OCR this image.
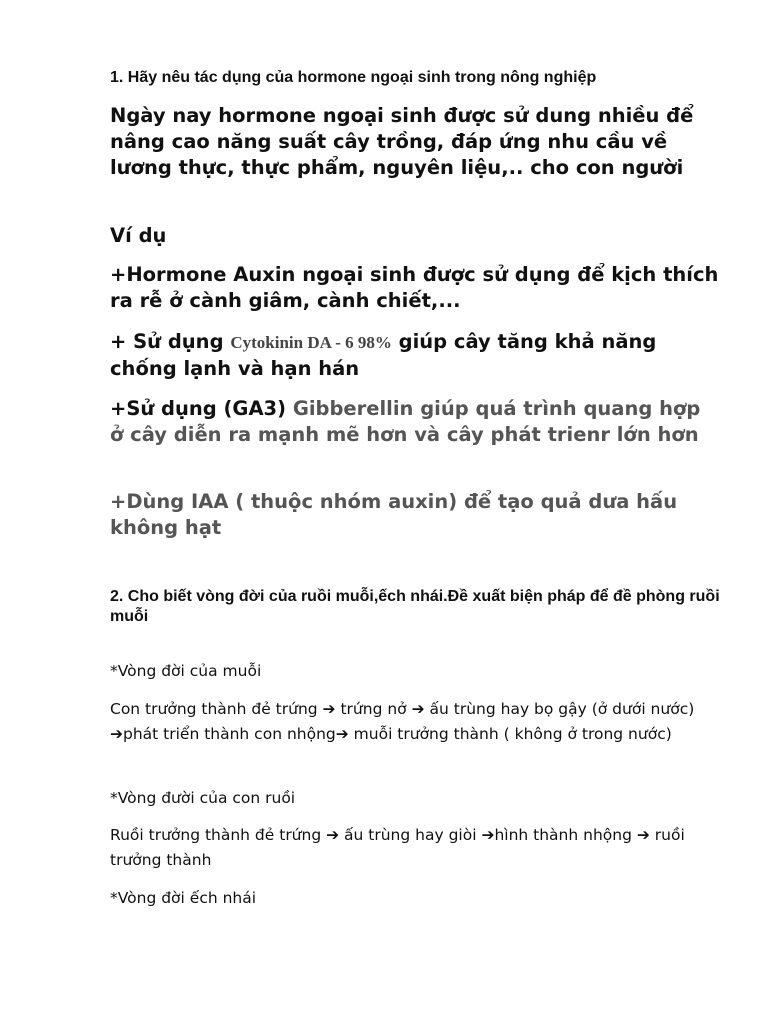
1. Hãy nêu tác dụng của hormone ngoại sinh trong nông nghiệp
Ngày nay hormone ngoại sinh được sử dung nhiều để nâng cao năng suất cây trồng, đáp ứng nhu cầu về lương thực, thực phẩm, nguyên liệu,.. cho con người
Ví dụ
+Hormone Auxin ngoại sinh được sử dụng để kịch thích ra rễ ở cành giâm, cành chiết,...
+ Sử dụng Cytokinin DA - 6 98% giúp cây tăng khả năng chống lạnh và hạn hán
+Sử dụng (GA3) Gibberellin giúp quá trình quang hợp ở cây diễn ra mạnh mẽ hơn và cây phát trienr lớn hơn
+Dùng IAA ( thuộc nhóm auxin) để tạo quả dưa hấu không hạt
2. Cho biết vòng đời của ruồi muỗi,ếch nhái.Đề xuất biện pháp để đề phòng ruồi muỗi
*Vòng đời của muỗi
Con trưởng thành đẻ trứng ➔ trứng nở ➔ ấu trùng hay bọ gậy (ở dưới nước) ➔phát triển thành con nhộng➔ muỗi trưởng thành ( không ở trong nước)
*Vòng đười của con ruồi
Ruồi trưởng thành đẻ trứng ➔ ấu trùng hay giòi ➔hình thành nhộng ➔ ruồi trưởng thành
*Vòng đời ếch nhái
